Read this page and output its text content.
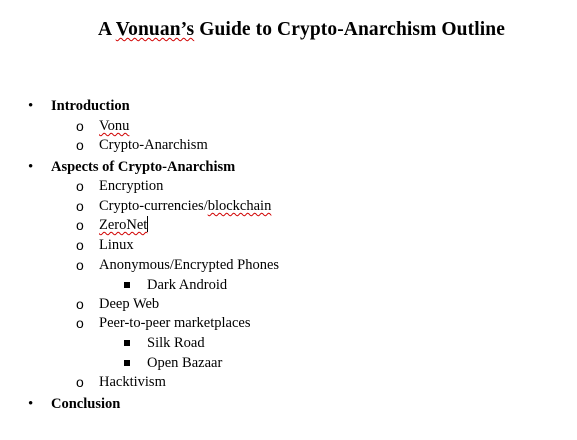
A Vonuan’s Guide to Crypto-Anarchism Outline
• Introduction
o Vonu
o Crypto-Anarchism
• Aspects of Crypto-Anarchism
o Encryption
o Crypto-currencies/blockchain
o ZeroNet
o Linux
o Anonymous/Encrypted Phones
Dark Android
o Deep Web
o Peer-to-peer marketplaces
Silk Road
Open Bazaar
o Hacktivism
• Conclusion
